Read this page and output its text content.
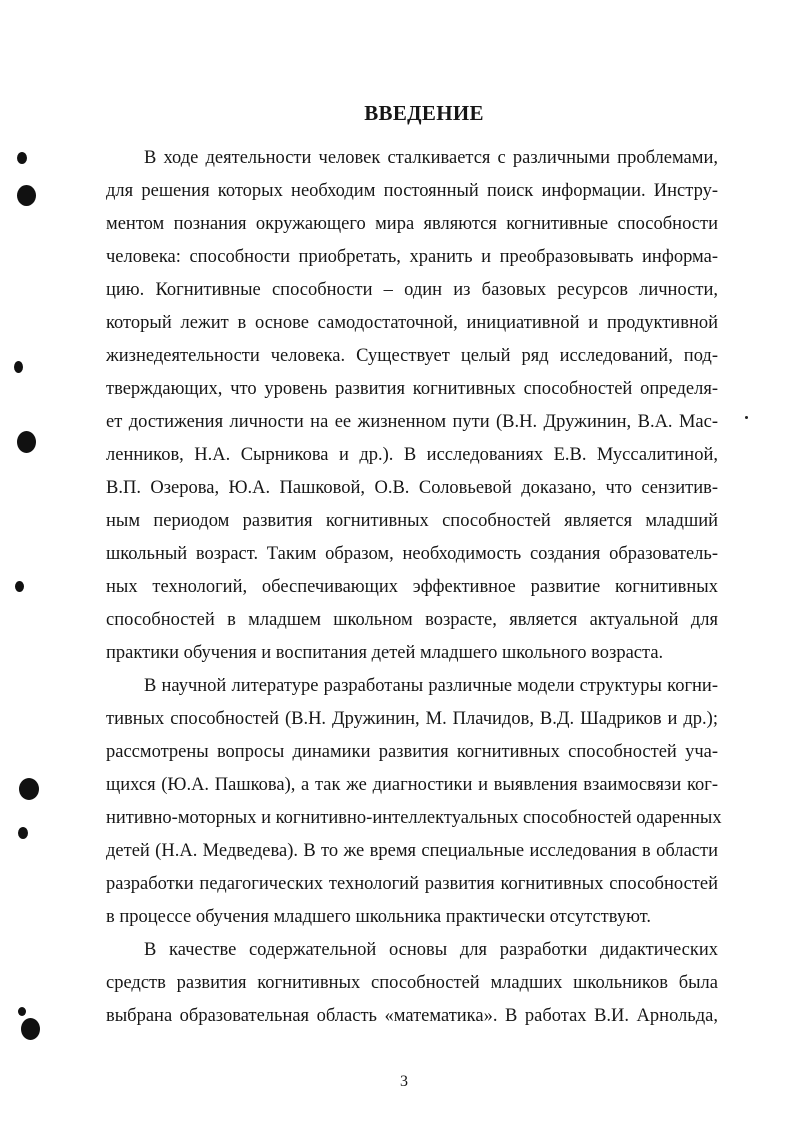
ВВЕДЕНИЕ
В ходе деятельности человек сталкивается с различными проблемами,
для решения которых необходим постоянный поиск информации. Инстру-
ментом познания окружающего мира являются когнитивные способности
человека: способности приобретать, хранить и преобразовывать информа-
цию. Когнитивные способности – один из базовых ресурсов личности,
который лежит в основе самодостаточной, инициативной и продуктивной
жизнедеятельности человека. Существует целый ряд исследований, под-
тверждающих, что уровень развития когнитивных способностей определя-
ет достижения личности на ее жизненном пути (В.Н. Дружинин, В.А. Мас-
ленников, Н.А. Сырникова и др.). В исследованиях Е.В. Муссалитиной,
В.П. Озерова, Ю.А. Пашковой, О.В. Соловьевой доказано, что сензитив-
ным периодом развития когнитивных способностей является младший
школьный возраст. Таким образом, необходимость создания образователь-
ных технологий, обеспечивающих эффективное развитие когнитивных
способностей в младшем школьном возрасте, является актуальной для
практики обучения и воспитания детей младшего школьного возраста.
В научной литературе разработаны различные модели структуры когни-
тивных способностей (В.Н. Дружинин, М. Плачидов, В.Д. Шадриков и др.);
рассмотрены вопросы динамики развития когнитивных способностей уча-
щихся (Ю.А. Пашкова), а так же диагностики и выявления взаимосвязи ког-
нитивно-моторных и когнитивно-интеллектуальных способностей одаренных
детей (Н.А. Медведева). В то же время специальные исследования в области
разработки педагогических технологий развития когнитивных способностей
в процессе обучения младшего школьника практически отсутствуют.
В качестве содержательной основы для разработки дидактических
средств развития когнитивных способностей младших школьников была
выбрана образовательная область «математика». В работах В.И. Арнольда,
3
